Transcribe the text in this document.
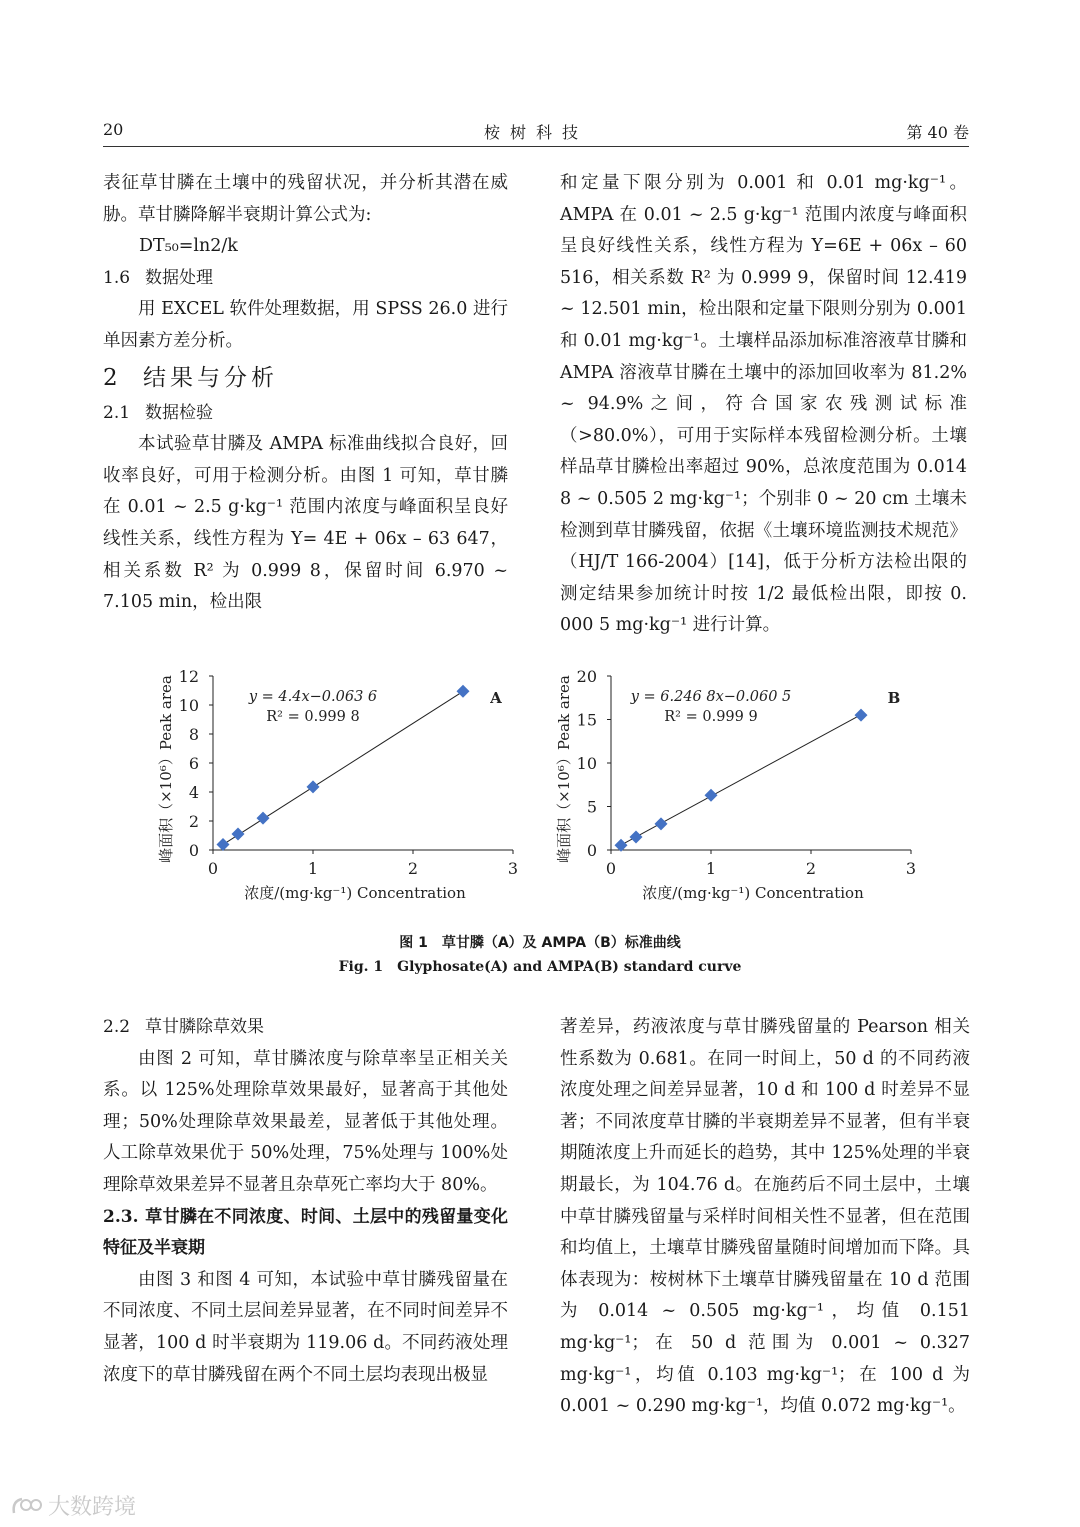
20	桉树科技	第 40 卷

表征草甘膦在土壤中的残留状况，并分析其潜在威胁。草甘膦降解半衰期计算公式为:

DT₅₀=ln2/k

1.6 数据处理

用 EXCEL 软件处理数据，用 SPSS 26.0 进行单因素方差分析。

2 结果与分析

2.1 数据检验

本试验草甘膦及 AMPA 标准曲线拟合良好，回收率良好，可用于检测分析。由图 1 可知，草甘膦在 0.01 ~ 2.5 g·kg⁻¹ 范围内浓度与峰面积呈良好线性关系，线性方程为 Y= 4E + 06x – 63 647，相关系数 R² 为 0.999 8，保留时间 6.970 ~ 7.105 min，检出限

和定量下限分别为 0.001 和 0.01 mg·kg⁻¹。AMPA 在 0.01 ~ 2.5 g·kg⁻¹ 范围内浓度与峰面积呈良好线性关系，线性方程为 Y=6E + 06x – 60 516，相关系数 R² 为 0.999 9，保留时间 12.419 ~ 12.501 min，检出限和定量下限则分别为 0.001 和 0.01 mg·kg⁻¹。土壤样品添加标准溶液草甘膦和 AMPA 溶液草甘膦在土壤中的添加回收率为 81.2% ~ 94.9%之间，符合国家农残测试标准（>80.0%），可用于实际样本残留检测分析。土壤样品草甘膦检出率超过 90%，总浓度范围为 0.014 8 ~ 0.505 2 mg·kg⁻¹；个别非 0 ~ 20 cm 土壤未检测到草甘膦残留，依据《土壤环境监测技术规范》（HJ/T 166-2004）[14]，低于分析方法检出限的测定结果参加统计时按 1/2 最低检出限，即按 0. 000 5 mg·kg⁻¹ 进行计算。

0
2
4
6
8
10
12
0	1	2	3
y = 4.4x−0.063 6
R² = 0.999 8
A
浓度/(mg·kg⁻¹) Concentration
峰面积（×10⁶）Peak area	0
5
10
15
20
0	1	2	3
y = 6.246 8x−0.060 5
R² = 0.999 9
B
浓度/(mg·kg⁻¹) Concentration
峰面积（×10⁶）Peak area
图 1　草甘膦（A）及 AMPA（B）标准曲线
Fig. 1　Glyphosate(A) and AMPA(B) standard curve

2.2 草甘膦除草效果

由图 2 可知，草甘膦浓度与除草率呈正相关关系。以 125%处理除草效果最好，显著高于其他处理；50%处理除草效果最差，显著低于其他处理。人工除草效果优于 50%处理，75%处理与 100%处理除草效果差异不显著且杂草死亡率均大于 80%。

2.3. 草甘膦在不同浓度、时间、土层中的残留量变化特征及半衰期

由图 3 和图 4 可知，本试验中草甘膦残留量在不同浓度、不同土层间差异显著，在不同时间差异不显著，100 d 时半衰期为 119.06 d。不同药液处理浓度下的草甘膦残留在两个不同土层均表现出极显

著差异，药液浓度与草甘膦残留量的 Pearson 相关性系数为 0.681。在同一时间上，50 d 的不同药液浓度处理之间差异显著，10 d 和 100 d 时差异不显著；不同浓度草甘膦的半衰期差异不显著，但有半衰期随浓度上升而延长的趋势，其中 125%处理的半衰期最长，为 104.76 d。在施药后不同土层中，土壤中草甘膦残留量与采样时间相关性不显著，但在范围和均值上，土壤草甘膦残留量随时间增加而下降。具体表现为：桉树林下土壤草甘膦残留量在 10 d 范围为 0.014 ~ 0.505 mg·kg⁻¹，均值 0.151 mg·kg⁻¹；在 50 d 范围为 0.001 ~ 0.327 mg·kg⁻¹，均值 0.103 mg·kg⁻¹；在 100 d 为 0.001 ~ 0.290 mg·kg⁻¹，均值 0.072 mg·kg⁻¹。

大数跨境
